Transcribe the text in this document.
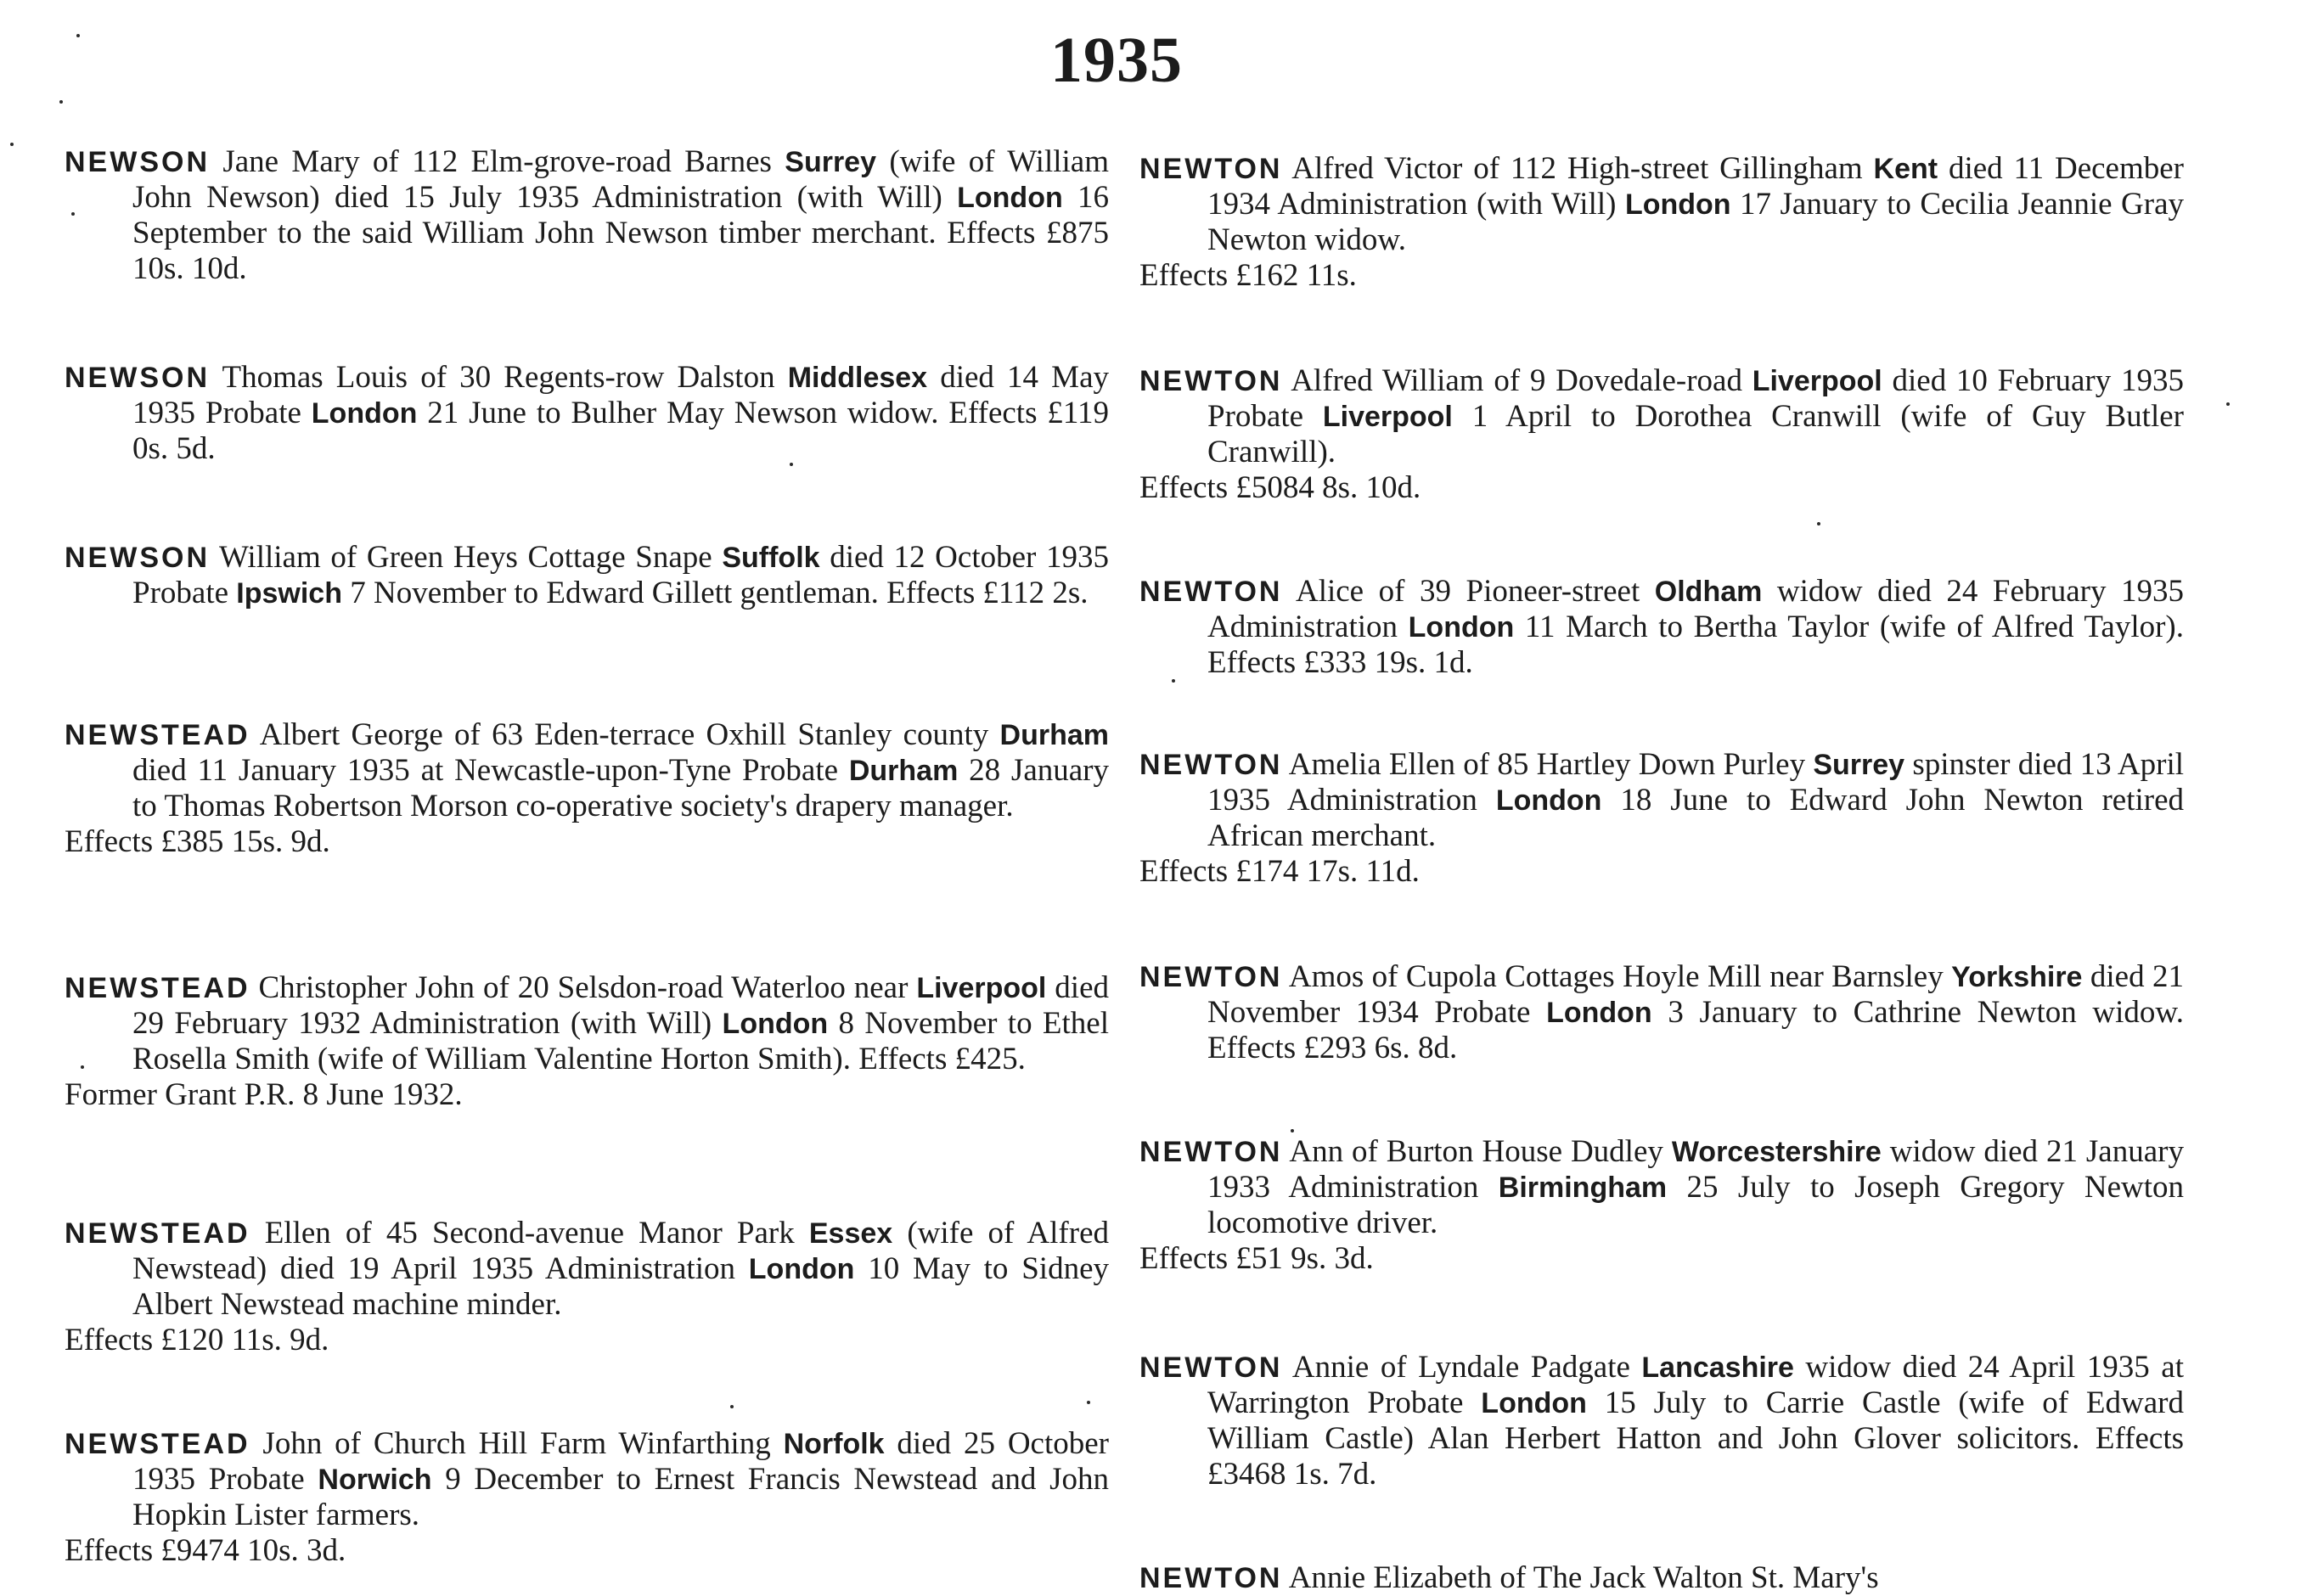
1935
NEWSON Jane Mary of 112 Elm-grove-road Barnes Surrey (wife of William John Newson) died 15 July 1935 Administration (with Will) London 16 September to the said William John Newson timber merchant. Effects £875 10s. 10d.
NEWSON Thomas Louis of 30 Regents-row Dalston Middlesex died 14 May 1935 Probate London 21 June to Bulher May Newson widow. Effects £119 0s. 5d.
NEWSON William of Green Heys Cottage Snape Suffolk died 12 October 1935 Probate Ipswich 7 November to Edward Gillett gentleman. Effects £112 2s.
NEWSTEAD Albert George of 63 Eden-terrace Oxhill Stanley county Durham died 11 January 1935 at Newcastle-upon-Tyne Probate Durham 28 January to Thomas Robertson Morson co-operative society's drapery manager.
Effects £385 15s. 9d.
NEWSTEAD Christopher John of 20 Selsdon-road Waterloo near Liverpool died 29 February 1932 Administration (with Will) London 8 November to Ethel Rosella Smith (wife of William Valentine Horton Smith). Effects £425.
Former Grant P.R. 8 June 1932.
NEWSTEAD Ellen of 45 Second-avenue Manor Park Essex (wife of Alfred Newstead) died 19 April 1935 Administration London 10 May to Sidney Albert Newstead machine minder.
Effects £120 11s. 9d.
NEWSTEAD John of Church Hill Farm Winfarthing Norfolk died 25 October 1935 Probate Norwich 9 December to Ernest Francis Newstead and John Hopkin Lister farmers.
Effects £9474 10s. 3d.
NEWTON Alfred Victor of 112 High-street Gillingham Kent died 11 December 1934 Administration (with Will) London 17 January to Cecilia Jeannie Gray Newton widow.
Effects £162 11s.
NEWTON Alfred William of 9 Dovedale-road Liverpool died 10 February 1935 Probate Liverpool 1 April to Dorothea Cranwill (wife of Guy Butler Cranwill).
Effects £5084 8s. 10d.
NEWTON Alice of 39 Pioneer-street Oldham widow died 24 February 1935 Administration London 11 March to Bertha Taylor (wife of Alfred Taylor). Effects £333 19s. 1d.
NEWTON Amelia Ellen of 85 Hartley Down Purley Surrey spinster died 13 April 1935 Administration London 18 June to Edward John Newton retired African merchant.
Effects £174 17s. 11d.
NEWTON Amos of Cupola Cottages Hoyle Mill near Barnsley Yorkshire died 21 November 1934 Probate London 3 January to Cathrine Newton widow. Effects £293 6s. 8d.
NEWTON Ann of Burton House Dudley Worcestershire widow died 21 January 1933 Administration Birmingham 25 July to Joseph Gregory Newton locomotive driver.
Effects £51 9s. 3d.
NEWTON Annie of Lyndale Padgate Lancashire widow died 24 April 1935 at Warrington Probate London 15 July to Carrie Castle (wife of Edward William Castle) Alan Herbert Hatton and John Glover solicitors. Effects £3468 1s. 7d.
NEWTON Annie Elizabeth of The Jack Walton St. Mary's
